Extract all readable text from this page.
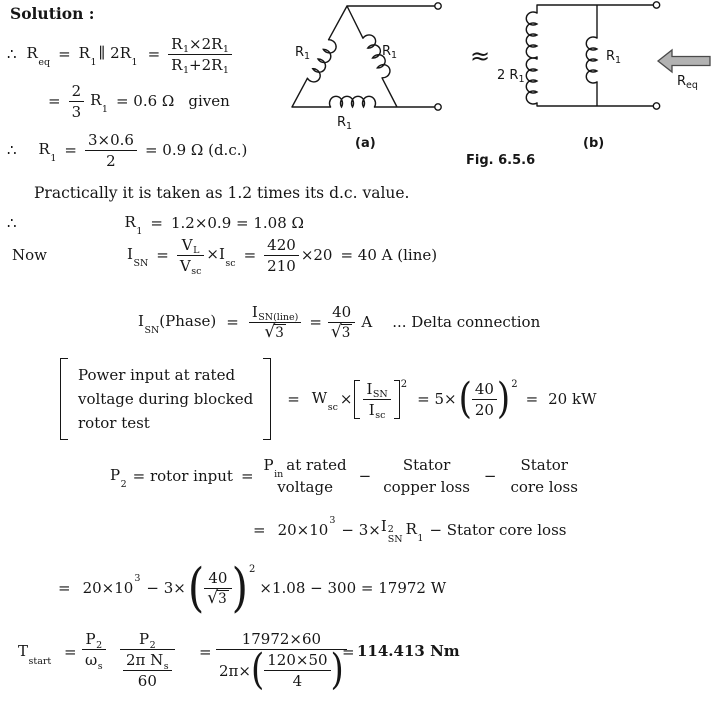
Solution :
$R_1$	$R_1$
$R_1$
2 $R_1$
$R_1$
$R_{eq}$
≈
(a)	(b)
Fig. 6.5.6
∴ $R_{eq} = R_1$
∥ $2R_1$ =
$R_1 \times 2R_1$
$R_1 +2R_1$
=
2
3
$R_1 = 0.6$ Ω given
∴ $R_1$ =
3×0.6
2
= 0.9 Ω (d.c.)
Practically it is taken as 1.2 times its d.c. value.
∴	$R_1 = 1.2\times 0.9 = 1.08$ Ω
Now	$I_{SN}$ =
$V_L$
$V_{sc}$
$\times I_{sc}$ =
420
210
×20 = 40 A (line)
$I_{SN}(Phase)$ =
$I_{SN(line)}$
√ 3
=
40
√ 3
A ... Delta connection
Power input at rated
voltage during blocked
rotor test
= $W_{sc}$ ×
$I_{SN}$
$I_{sc}$
2
= 5× ( 40
20 ) 2
= 20 kW
$P_2$ = rotor input =
$P_{in}$ at rated
voltage
−
Stator
copper loss
−
Stator
core loss
= $20\times 10^3$
− 3× I 2
SN
$R_1$ − Stator core loss
= $20\times 10^3$
− 3× ( 40
√ 3 ) 2
×1.08 − 300 = 17972 W
$T_{start}$ =
$P_2$
$\omega_s$
$P_2$
2π $N_s$
60
=
17972×60
2π× ( 120×50
4 )
= 114.413 Nm
